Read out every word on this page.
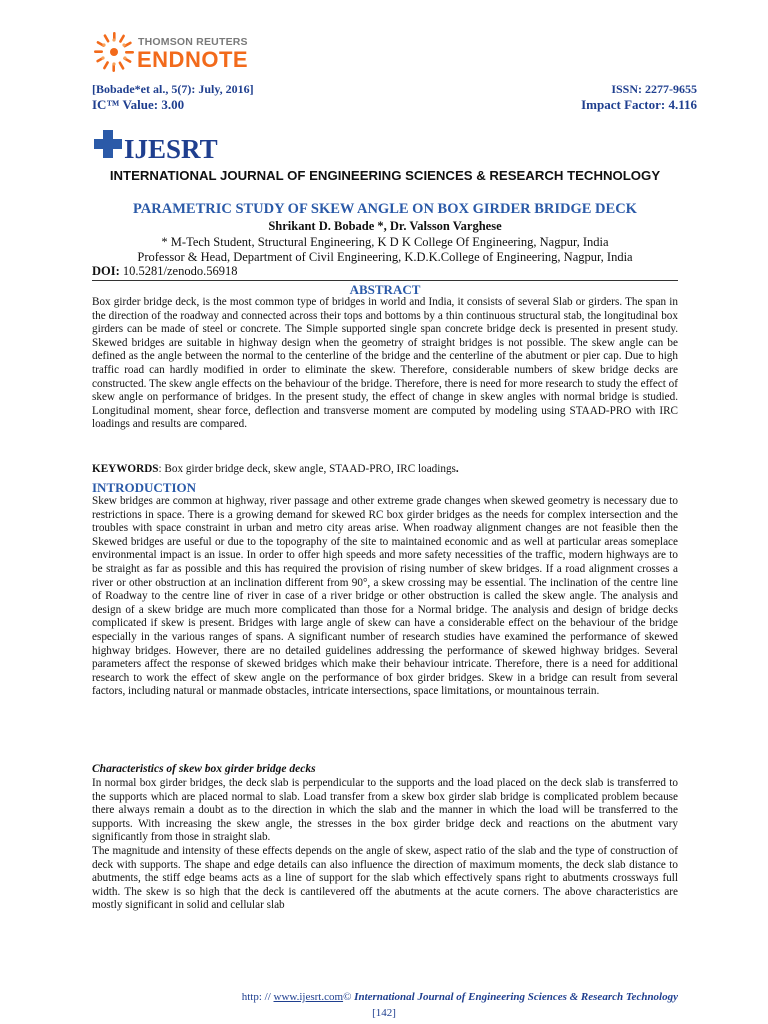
THOMSON REUTERS
ENDNOTE
[Bobade*et al., 5(7): July, 2016]
IC™ Value: 3.00
ISSN: 2277-9655
Impact Factor: 4.116
IJESRT
INTERNATIONAL JOURNAL OF ENGINEERING SCIENCES & RESEARCH TECHNOLOGY
PARAMETRIC STUDY OF SKEW ANGLE ON BOX GIRDER BRIDGE DECK
Shrikant D. Bobade *, Dr. Valsson Varghese
* M-Tech Student, Structural Engineering, K D K College Of Engineering, Nagpur, India
Professor & Head, Department of Civil Engineering, K.D.K.College of Engineering, Nagpur, India
DOI: 10.5281/zenodo.56918
ABSTRACT
Box girder bridge deck, is the most common type of bridges in world and India, it consists of several Slab or girders. The span in the direction of the roadway and connected across their tops and bottoms by a thin continuous structural stab, the longitudinal box girders can be made of steel or concrete. The Simple supported single span concrete bridge deck is presented in present study. Skewed bridges are suitable in highway design when the geometry of straight bridges is not possible. The skew angle can be defined as the angle between the normal to the centerline of the bridge and the centerline of the abutment or pier cap. Due to high traffic road can hardly modified in order to eliminate the skew. Therefore, considerable numbers of skew bridge decks are constructed. The skew angle effects on the behaviour of the bridge. Therefore, there is need for more research to study the effect of skew angle on performance of bridges. In the present study, the effect of change in skew angles with normal bridge is studied. Longitudinal moment, shear force, deflection and transverse moment are computed by modeling using STAAD-PRO with IRC loadings and results are compared.
KEYWORDS: Box girder bridge deck, skew angle, STAAD-PRO, IRC loadings.
INTRODUCTION
Skew bridges are common at highway, river passage and other extreme grade changes when skewed geometry is necessary due to restrictions in space. There is a growing demand for skewed RC box girder bridges as the needs for complex intersection and the troubles with space constraint in urban and metro city areas arise. When roadway alignment changes are not feasible then the Skewed bridges are useful or due to the topography of the site to maintained economic and as well at particular areas someplace environmental impact is an issue. In order to offer high speeds and more safety necessities of the traffic, modern highways are to be straight as far as possible and this has required the provision of rising number of skew bridges. If a road alignment crosses a river or other obstruction at an inclination different from 90°, a skew crossing may be essential. The inclination of the centre line of Roadway to the centre line of river in case of a river bridge or other obstruction is called the skew angle. The analysis and design of a skew bridge are much more complicated than those for a Normal bridge. The analysis and design of bridge decks complicated if skew is present. Bridges with large angle of skew can have a considerable effect on the behaviour of the bridge especially in the various ranges of spans. A significant number of research studies have examined the performance of skewed highway bridges. However, there are no detailed guidelines addressing the performance of skewed highway bridges. Several parameters affect the response of skewed bridges which make their behaviour intricate. Therefore, there is a need for additional research to work the effect of skew angle on the performance of box girder bridges. Skew in a bridge can result from several factors, including natural or manmade obstacles, intricate intersections, space limitations, or mountainous terrain.
Characteristics of skew box girder bridge decks
In normal box girder bridges, the deck slab is perpendicular to the supports and the load placed on the deck slab is transferred to the supports which are placed normal to slab. Load transfer from a skew box girder slab bridge is complicated problem because there always remain a doubt as to the direction in which the slab and the manner in which the load will be transferred to the supports. With increasing the skew angle, the stresses in the box girder bridge deck and reactions on the abutment vary significantly from those in straight slab.
The magnitude and intensity of these effects depends on the angle of skew, aspect ratio of the slab and the type of construction of deck with supports. The shape and edge details can also influence the direction of maximum moments, the deck slab distance to abutments, the stiff edge beams acts as a line of support for the slab which effectively spans right to abutments crossways full width. The skew is so high that the deck is cantilevered off the abutments at the acute corners. The above characteristics are mostly significant in solid and cellular slab
http: // www.ijesrt.com© International Journal of Engineering Sciences & Research Technology
[142]
